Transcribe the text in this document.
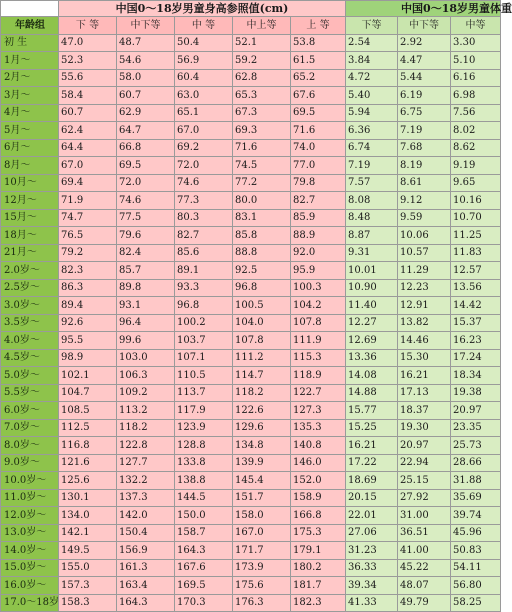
	中国0～18岁男童身高参照值(cm)					中国0～18岁男童体重		
年龄组	下 等	中下等	中 等	中上等	上 等	下等	中下等	中等
初 生	47.0	48.7	50.4	52.1	53.8	2.54	2.92	3.30
1月～	52.3	54.6	56.9	59.2	61.5	3.84	4.47	5.10
2月～	55.6	58.0	60.4	62.8	65.2	4.72	5.44	6.16
3月～	58.4	60.7	63.0	65.3	67.6	5.40	6.19	6.98
4月～	60.7	62.9	65.1	67.3	69.5	5.94	6.75	7.56
5月～	62.4	64.7	67.0	69.3	71.6	6.36	7.19	8.02
6月～	64.4	66.8	69.2	71.6	74.0	6.74	7.68	8.62
8月～	67.0	69.5	72.0	74.5	77.0	7.19	8.19	9.19
10月～	69.4	72.0	74.6	77.2	79.8	7.57	8.61	9.65
12月～	71.9	74.6	77.3	80.0	82.7	8.08	9.12	10.16
15月～	74.7	77.5	80.3	83.1	85.9	8.48	9.59	10.70
18月～	76.5	79.6	82.7	85.8	88.9	8.87	10.06	11.25
21月～	79.2	82.4	85.6	88.8	92.0	9.31	10.57	11.83
2.0岁～	82.3	85.7	89.1	92.5	95.9	10.01	11.29	12.57
2.5岁～	86.3	89.8	93.3	96.8	100.3	10.90	12.23	13.56
3.0岁～	89.4	93.1	96.8	100.5	104.2	11.40	12.91	14.42
3.5岁～	92.6	96.4	100.2	104.0	107.8	12.27	13.82	15.37
4.0岁～	95.5	99.6	103.7	107.8	111.9	12.69	14.46	16.23
4.5岁～	98.9	103.0	107.1	111.2	115.3	13.36	15.30	17.24
5.0岁～	102.1	106.3	110.5	114.7	118.9	14.08	16.21	18.34
5.5岁～	104.7	109.2	113.7	118.2	122.7	14.88	17.13	19.38
6.0岁～	108.5	113.2	117.9	122.6	127.3	15.77	18.37	20.97
7.0岁～	112.5	118.2	123.9	129.6	135.3	15.25	19.30	23.35
8.0岁～	116.8	122.8	128.8	134.8	140.8	16.21	20.97	25.73
9.0岁～	121.6	127.7	133.8	139.9	146.0	17.22	22.94	28.66
10.0岁～	125.6	132.2	138.8	145.4	152.0	18.69	25.15	31.88
11.0岁～	130.1	137.3	144.5	151.7	158.9	20.15	27.92	35.69
12.0岁～	134.0	142.0	150.0	158.0	166.8	22.01	31.00	39.74
13.0岁～	142.1	150.4	158.7	167.0	175.3	27.06	36.51	45.96
14.0岁～	149.5	156.9	164.3	171.7	179.1	31.23	41.00	50.83
15.0岁～	155.0	161.3	167.6	173.9	180.2	36.33	45.22	54.11
16.0岁～	157.3	163.4	169.5	175.6	181.7	39.34	48.07	56.80
17.0～18岁	158.3	164.3	170.3	176.3	182.3	41.33	49.79	58.25
